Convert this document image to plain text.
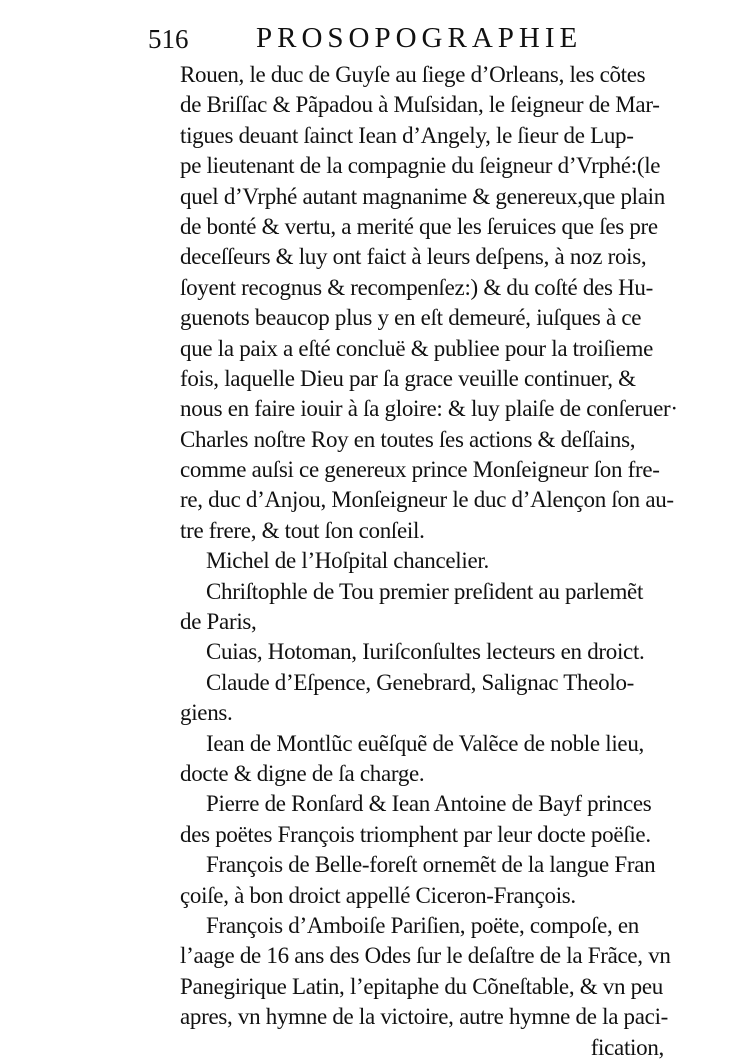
516 PROSOPOGRAPHIE
Rouen, le duc de Guyſe au ſiege d’Orleans, les cõtes
de Briſſac & Pãpadou à Muſsidan, le ſeigneur de Mar-
tigues deuant ſainct Iean d’Angely, le ſieur de Lup-
pe lieutenant de la compagnie du ſeigneur d’Vrphé:(le
quel d’Vrphé autant magnanime & genereux,que plain
de bonté & vertu, a merité que les ſeruices que ſes pre
deceſſeurs & luy ont faict à leurs deſpens, à noz rois,
ſoyent recognus & recompenſez:) & du coſté des Hu-
guenots beaucop plus y en eſt demeuré, iuſques à ce
que la paix a eſté concluë & publiee pour la troiſieme
fois, laquelle Dieu par ſa grace veuille continuer, &
nous en faire iouir à ſa gloire: & luy plaiſe de conſeruer·
Charles noſtre Roy en toutes ſes actions & deſſains,
comme auſsi ce genereux prince Monſeigneur ſon fre-
re, duc d’Anjou, Monſeigneur le duc d’Alençon ſon au-
tre frere, & tout ſon conſeil.
Michel de l’Hoſpital chancelier.
Chriſtophle de Tou premier preſident au parlemẽt
de Paris,
Cuias, Hotoman, Iuriſconſultes lecteurs en droict.
Claude d’Eſpence, Genebrard, Salignac Theolo-
giens.
Iean de Montlũc euẽſquẽ de Valẽce de noble lieu,
docte & digne de ſa charge.
Pierre de Ronſard & Iean Antoine de Bayf princes
des poëtes François triomphent par leur docte poëſie.
François de Belle-foreſt ornemẽt de la langue Fran
çoiſe, à bon droict appellé Ciceron-François.
François d’Amboiſe Pariſien, poëte, compoſe, en
l’aage de 16 ans des Odes ſur le deſaſtre de la Frãce, vn
Panegirique Latin, l’epitaphe du Cõneſtable, & vn peu
apres, vn hymne de la victoire, autre hymne de la paci-
fication,
